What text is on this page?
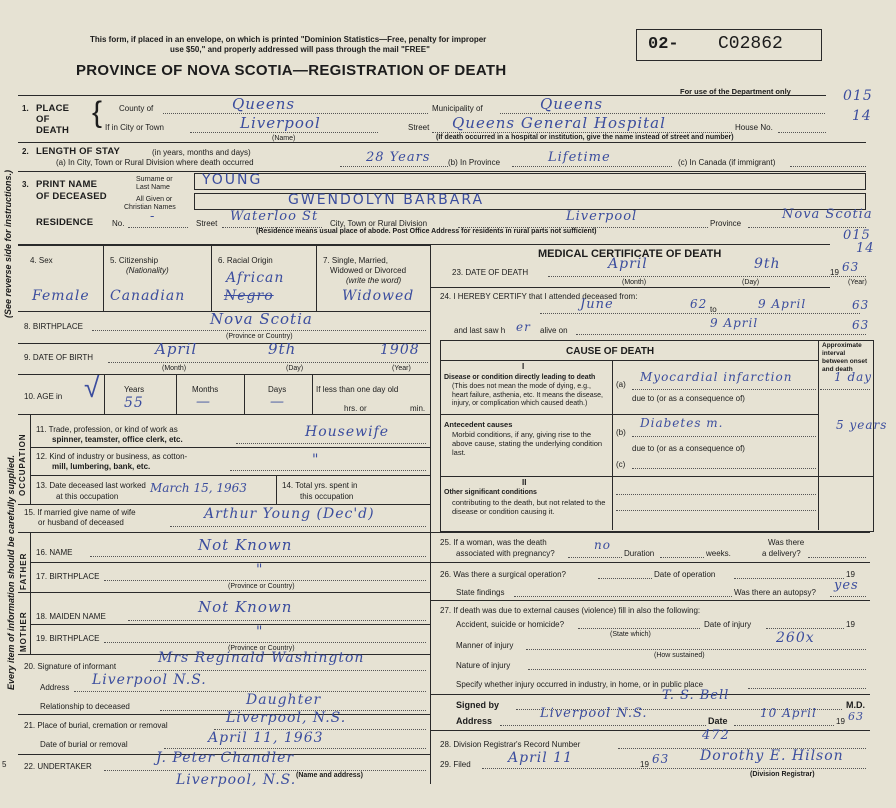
Every item of information should be carefully supplied.
(See reverse side for instructions.)
5
This form, if placed in an envelope, on which is printed "Dominion Statistics—Free, penalty for improper
use $50," and properly addressed will pass through the mail "FREE"	02- C02862
PROVINCE OF NOVA SCOTIA—REGISTRATION OF DEATH
For use of the Department only	015
14
1. PLACE
OF
DEATH
{ County of	Queens	Municipality of	Queens
If in City or Town	Liverpool
(Name)
Street Queens General Hospital	House No.
(If death occurred in a hospital or institution, give the name instead of street and number)
2. LENGTH OF STAY	(in years, months and days)
(a) In City, Town or Rural Division where death occurred	28 Years (b) In Province	Lifetime	(c) In Canada (if immigrant)
3. PRINT NAME
OF DECEASED
Surname or
Last Name YOUNG
All Given or
Christian Names	GWENDOLYN BARBARA
RESIDENCE No. -	Street Waterloo St City, Town or Rural Division	Liverpool	Province
Nova Scotia
(Residence means usual place of abode. Post Office Address for residents in rural parts not sufficient)	015
14
4. Sex
Female
5. Citizenship
(Nationality)
Canadian
6. Racial Origin
African
Negro
7. Single, Married,
Widowed or Divorced
(write the word)
Widowed
8. BIRTHPLACE	Nova Scotia
(Province or Country)
9. DATE OF BIRTH	April	9th	1908
(Month)	(Day)	(Year)
10. AGE in √	Years	Months	Days	If less than one day old
hrs. or	min.
55	—	—
OCCUPATION
11. Trade, profession, or kind of work as
spinner, teamster, office clerk, etc.	Housewife
12. Kind of industry or business, as cotton-
mill, lumbering, bank, etc.	"
13. Date deceased last worked
at this occupation
March 15, 1963	14. Total yrs. spent in
this occupation
15. If married give name of wife
or husband of deceased
Arthur Young (Dec'd)
FATHER
16. NAME	Not Known
17. BIRTHPLACE	"
(Province or Country)
MOTHER 18. MAIDEN NAME
Not Known
19. BIRTHPLACE	"
(Province or Country)
20. Signature of informant
Mrs Reginald Washington
Address Liverpool N.S.
Relationship to deceased	Daughter
21. Place of burial, cremation or removal	Liverpool, N.S.
Date of burial or removal	April 11, 1963
22. UNDERTAKER
J. Peter Chandler
(Name and address)
Liverpool, N.S.
MEDICAL CERTIFICATE OF DEATH
23. DATE OF DEATH
April	9th
19 63
(Month)	(Day)	(Year)
24. I HEREBY CERTIFY that I attended deceased from:
June	62 to	9 April	63
and last saw h er alive on
9 April	63
CAUSE OF DEATH
Approximate interval between onset and death
I
Disease or condition directly leading to death
(This does not mean the mode of dying, e.g., heart failure, asthenia, etc. It means the disease, injury, or complication which caused death.)
(a)
Myocardial infarction	1 day
due to (or as a consequence of)
Antecedent causes
Morbid conditions, if any, giving rise to the above cause, stating the underlying condition last.
(b)
Diabetes m.	5 years
due to (or as a consequence of)
(c)
II
Other significant conditions
contributing to the death, but not related to the disease or condition causing it.
25. If a woman, was the death
associated with pregnancy?
no
Duration	weeks.
Was there
a delivery?
26. Was there a surgical operation?	Date of operation	19
State findings	Was there an autopsy? yes
27. If death was due to external causes (violence) fill in also the following:
Accident, suicide or homicide?
(State which)
Date of injury	19
Manner of injury	260x
(How sustained)
Nature of injury
Specify whether injury occurred in industry, in home, or in public place
Signed by
T. S. Bell
M.D.
Address	Liverpool N.S.	Date
10 April
19 63
28. Division Registrar's Record Number
472
29. Filed	April 11	19 63 Dorothy E. Hilson
(Division Registrar)
